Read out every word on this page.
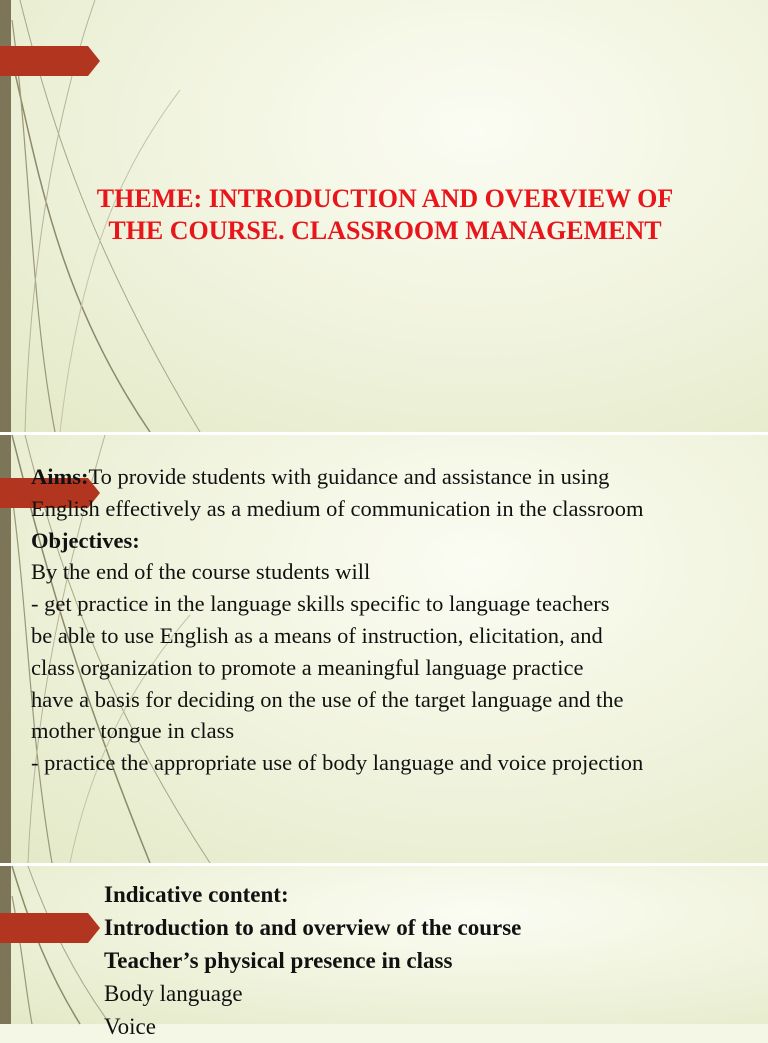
THEME: INTRODUCTION AND OVERVIEW OF
THE COURSE. CLASSROOM MANAGEMENT
Aims:To provide students with guidance and assistance in using
English effectively as a medium of communication in the classroom
Objectives:
By the end of the course students will
- get practice in the language skills specific to language teachers
be able to use English as a means of instruction, elicitation, and
class organization to promote a meaningful language practice
have a basis for deciding on the use of the target language and the
mother tongue in class
- practice the appropriate use of body language and voice projection
Indicative content:
Introduction to and overview of the course
Teacher’s physical presence in class
Body language
Voice
